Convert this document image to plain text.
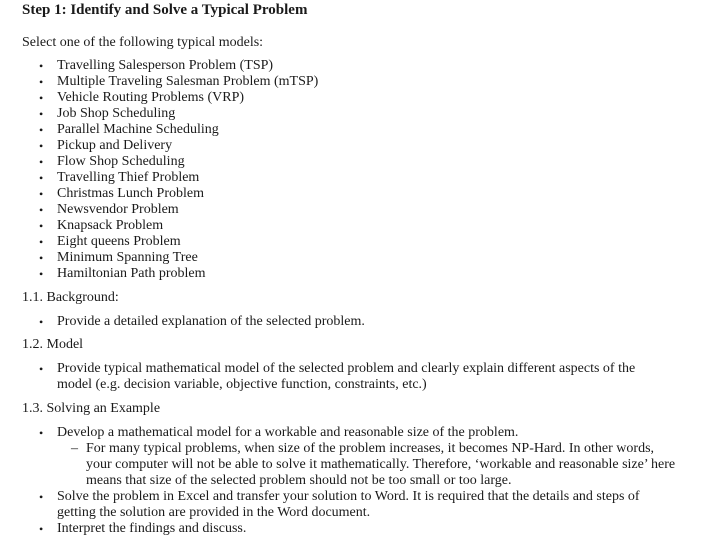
Step 1: Identify and Solve a Typical Problem
Select one of the following typical models:
• Travelling Salesperson Problem (TSP)
• Multiple Traveling Salesman Problem (mTSP)
• Vehicle Routing Problems (VRP)
• Job Shop Scheduling
• Parallel Machine Scheduling
• Pickup and Delivery
• Flow Shop Scheduling
• Travelling Thief Problem
• Christmas Lunch Problem
• Newsvendor Problem
• Knapsack Problem
• Eight queens Problem
• Minimum Spanning Tree
• Hamiltonian Path problem
1.1. Background:
• Provide a detailed explanation of the selected problem.
1.2. Model
• Provide typical mathematical model of the selected problem and clearly explain different aspects of the model (e.g. decision variable, objective function, constraints, etc.)
1.3. Solving an Example
• Develop a mathematical model for a workable and reasonable size of the problem.
– For many typical problems, when size of the problem increases, it becomes NP-Hard. In other words, your computer will not be able to solve it mathematically. Therefore, ‘workable and reasonable size’ here means that size of the selected problem should not be too small or too large.
• Solve the problem in Excel and transfer your solution to Word. It is required that the details and steps of getting the solution are provided in the Word document.
• Interpret the findings and discuss.
